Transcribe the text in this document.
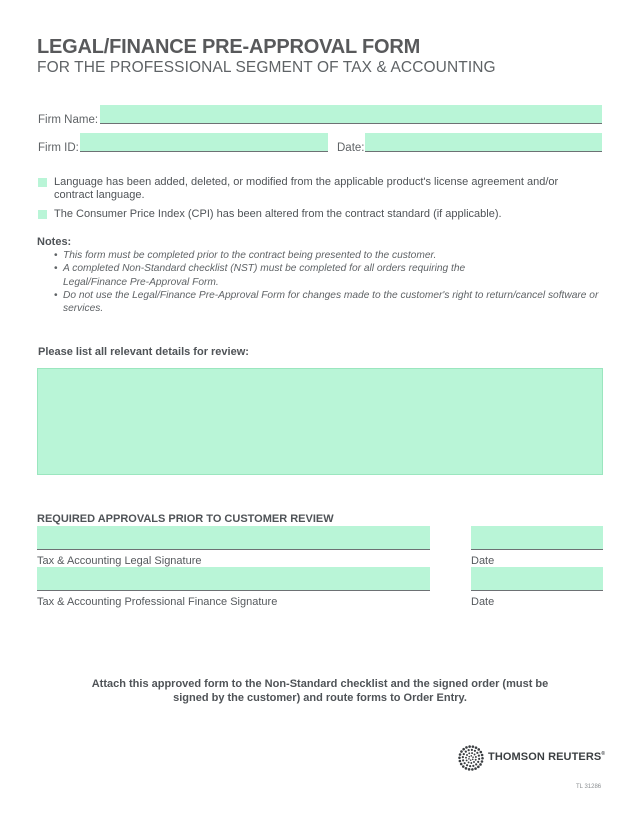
LEGAL/FINANCE PRE-APPROVAL FORM
FOR THE PROFESSIONAL SEGMENT OF TAX & ACCOUNTING
Firm Name:
Firm ID:	Date:
Language has been added, deleted, or modified from the applicable product's license agreement and/or contract language.
The Consumer Price Index (CPI) has been altered from the contract standard (if applicable).
Notes:
• This form must be completed prior to the contract being presented to the customer.
• A completed Non-Standard checklist (NST) must be completed for all orders requiring the Legal/Finance Pre-Approval Form.
• Do not use the Legal/Finance Pre-Approval Form for changes made to the customer's right to return/cancel software or services.
Please list all relevant details for review:
REQUIRED APPROVALS PRIOR TO CUSTOMER REVIEW
Tax & Accounting Legal Signature	Date
Tax & Accounting Professional Finance Signature	Date
Attach this approved form to the Non-Standard checklist and the signed order (must be signed by the customer) and route forms to Order Entry.
THOMSON REUTERS®
TL 31286
